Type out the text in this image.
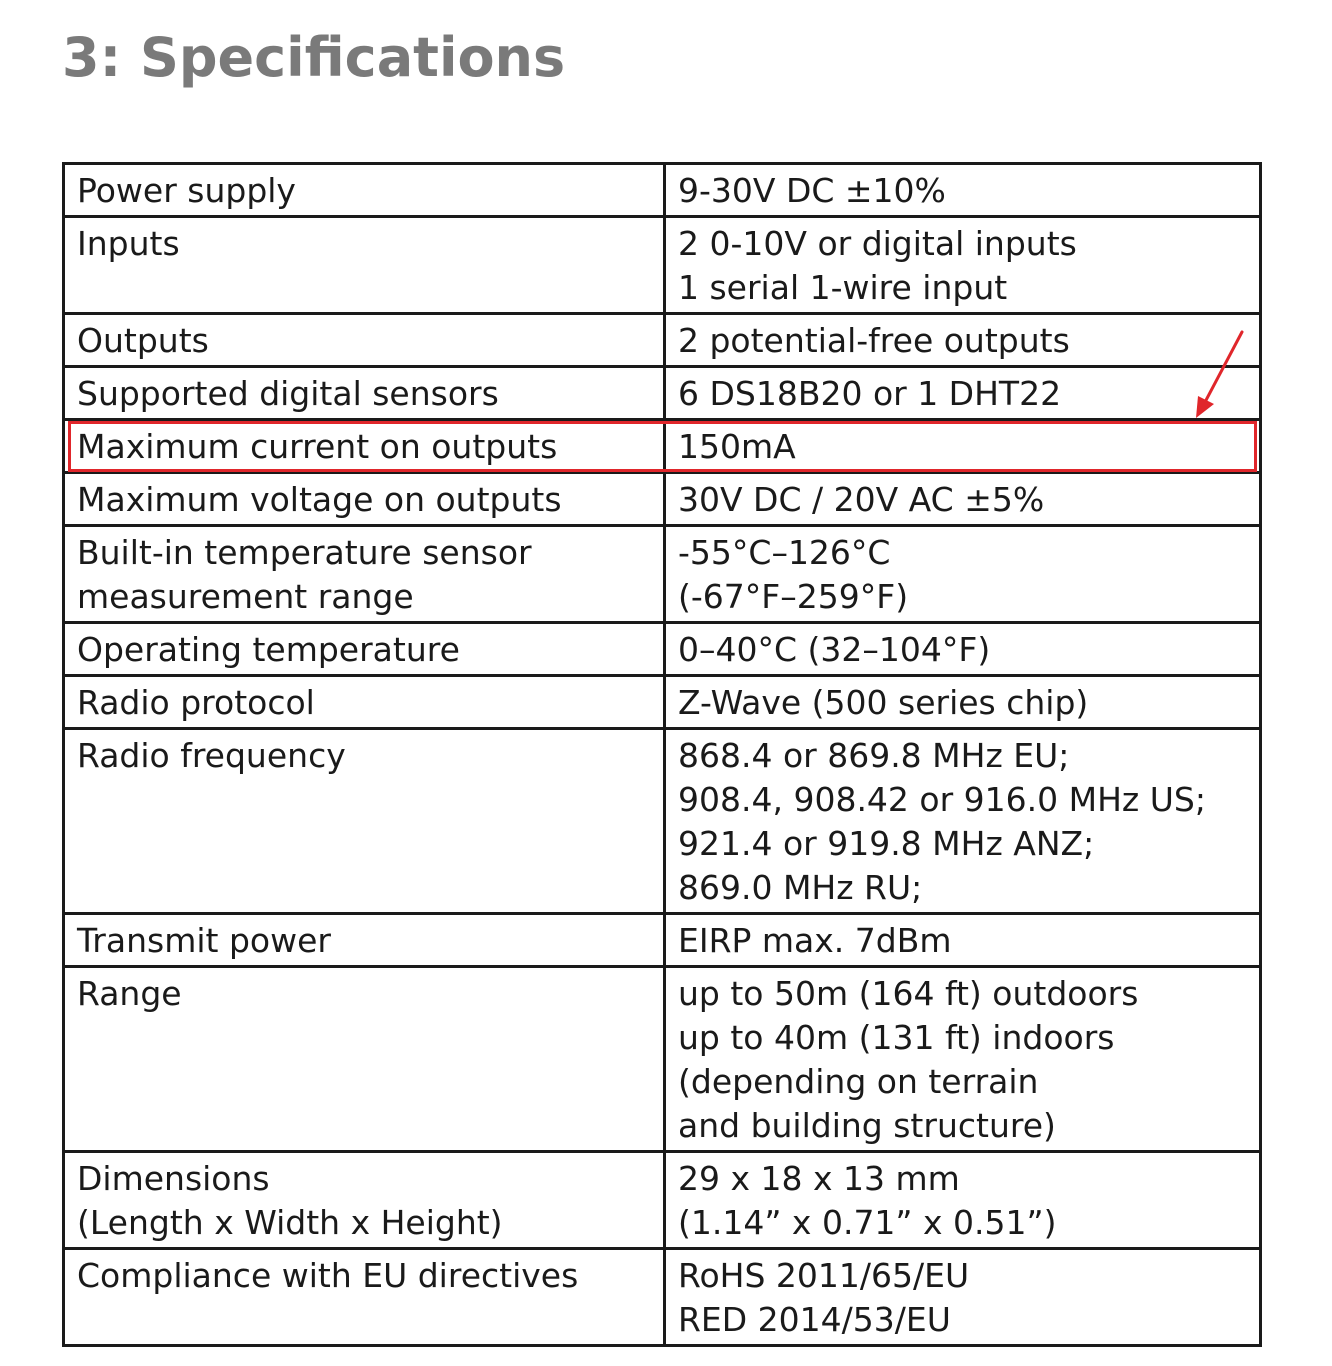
3: Specifications
Power supply	9-30V DC ±10%
Inputs	2 0-10V or digital inputs
1 serial 1-wire input
Outputs	2 potential-free outputs
Supported digital sensors	6 DS18B20 or 1 DHT22
Maximum current on outputs	150mA
Maximum voltage on outputs	30V DC / 20V AC ±5%
Built-in temperature sensor
measurement range	-55°C–126°C
(-67°F–259°F)
Operating temperature	0–40°C (32–104°F)
Radio protocol	Z-Wave (500 series chip)
Radio frequency	868.4 or 869.8 MHz EU;
908.4, 908.42 or 916.0 MHz US;
921.4 or 919.8 MHz ANZ;
869.0 MHz RU;
Transmit power	EIRP max. 7dBm
Range	up to 50m (164 ft) outdoors
up to 40m (131 ft) indoors
(depending on terrain
and building structure)
Dimensions
(Length x Width x Height)	29 x 18 x 13 mm
(1.14” x 0.71” x 0.51”)
Compliance with EU directives	RoHS 2011/65/EU
RED 2014/53/EU
